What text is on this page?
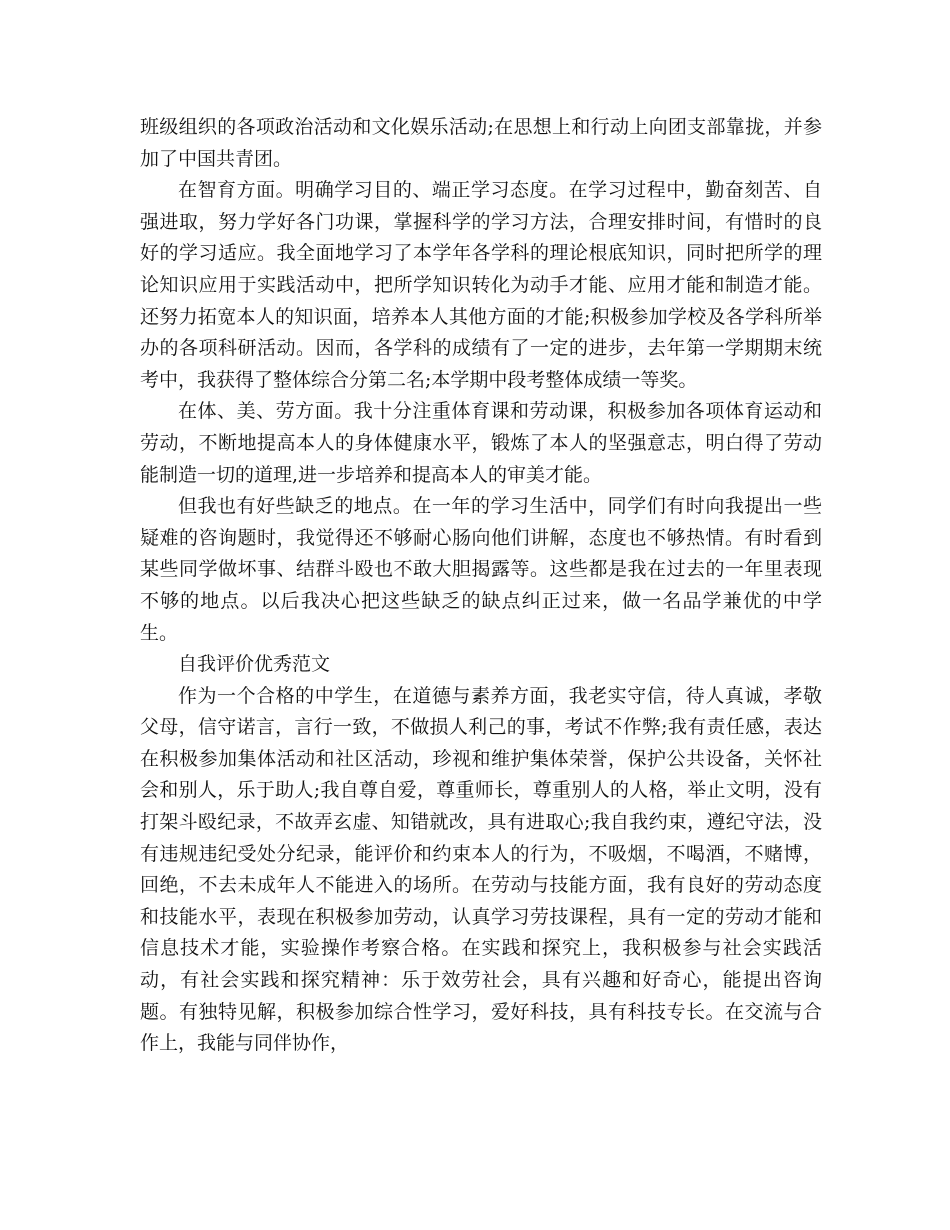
班级组织的各项政治活动和文化娱乐活动;在思想上和行动上向团支部靠拢，并参加了中国共青团。

在智育方面。明确学习目的、端正学习态度。在学习过程中，勤奋刻苦、自强进取，努力学好各门功课，掌握科学的学习方法，合理安排时间，有惜时的良好的学习适应。我全面地学习了本学年各学科的理论根底知识，同时把所学的理论知识应用于实践活动中，把所学知识转化为动手才能、应用才能和制造才能。还努力拓宽本人的知识面，培养本人其他方面的才能;积极参加学校及各学科所举办的各项科研活动。因而，各学科的成绩有了一定的进步，去年第一学期期末统考中，我获得了整体综合分第二名;本学期中段考整体成绩一等奖。

在体、美、劳方面。我十分注重体育课和劳动课，积极参加各项体育运动和劳动，不断地提高本人的身体健康水平，锻炼了本人的坚强意志，明白得了劳动能制造一切的道理,进一步培养和提高本人的审美才能。

但我也有好些缺乏的地点。在一年的学习生活中，同学们有时向我提出一些疑难的咨询题时，我觉得还不够耐心肠向他们讲解，态度也不够热情。有时看到某些同学做坏事、结群斗殴也不敢大胆揭露等。这些都是我在过去的一年里表现不够的地点。以后我决心把这些缺乏的缺点纠正过来，做一名品学兼优的中学生。

自我评价优秀范文

作为一个合格的中学生，在道德与素养方面，我老实守信，待人真诚，孝敬父母，信守诺言，言行一致，不做损人利己的事，考试不作弊;我有责任感，表达在积极参加集体活动和社区活动，珍视和维护集体荣誉，保护公共设备，关怀社会和别人，乐于助人;我自尊自爱，尊重师长，尊重别人的人格，举止文明，没有打架斗殴纪录，不故弄玄虚、知错就改，具有进取心;我自我约束，遵纪守法，没有违规违纪受处分纪录，能评价和约束本人的行为，不吸烟，不喝酒，不赌博，回绝，不去未成年人不能进入的场所。在劳动与技能方面，我有良好的劳动态度和技能水平，表现在积极参加劳动，认真学习劳技课程，具有一定的劳动才能和信息技术才能，实验操作考察合格。在实践和探究上，我积极参与社会实践活动，有社会实践和探究精神：乐于效劳社会，具有兴趣和好奇心，能提出咨询题。有独特见解，积极参加综合性学习，爱好科技，具有科技专长。在交流与合作上，我能与同伴协作，
